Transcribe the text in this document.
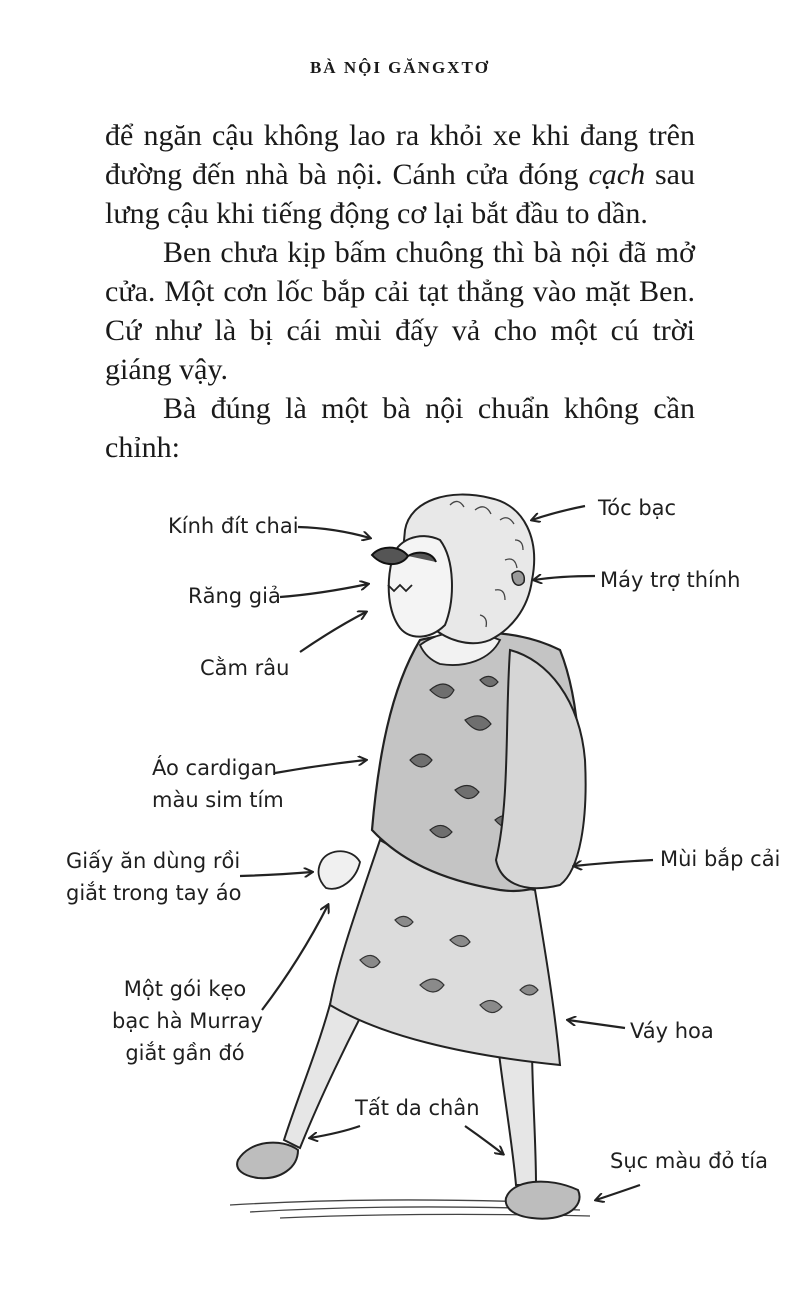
BÀ NỘI GĂNGXTƠ

để ngăn cậu không lao ra khỏi xe khi đang trên đường đến nhà bà nội. Cánh cửa đóng cạch sau lưng cậu khi tiếng động cơ lại bắt đầu to dần.

Ben chưa kịp bấm chuông thì bà nội đã mở cửa. Một cơn lốc bắp cải tạt thẳng vào mặt Ben. Cứ như là bị cái mùi đấy vả cho một cú trời giáng vậy.

Bà đúng là một bà nội chuẩn không cần chỉnh:

Kính đít chai
Răng giả
Cằm râu
Áo cardigan
màu sim tím
Giấy ăn dùng rồi
giắt trong tay áo
Một gói kẹo
bạc hà Murray
giắt gần đó
Tóc bạc
Máy trợ thính
Mùi bắp cải
Váy hoa
Tất da chân
Sục màu đỏ tía
